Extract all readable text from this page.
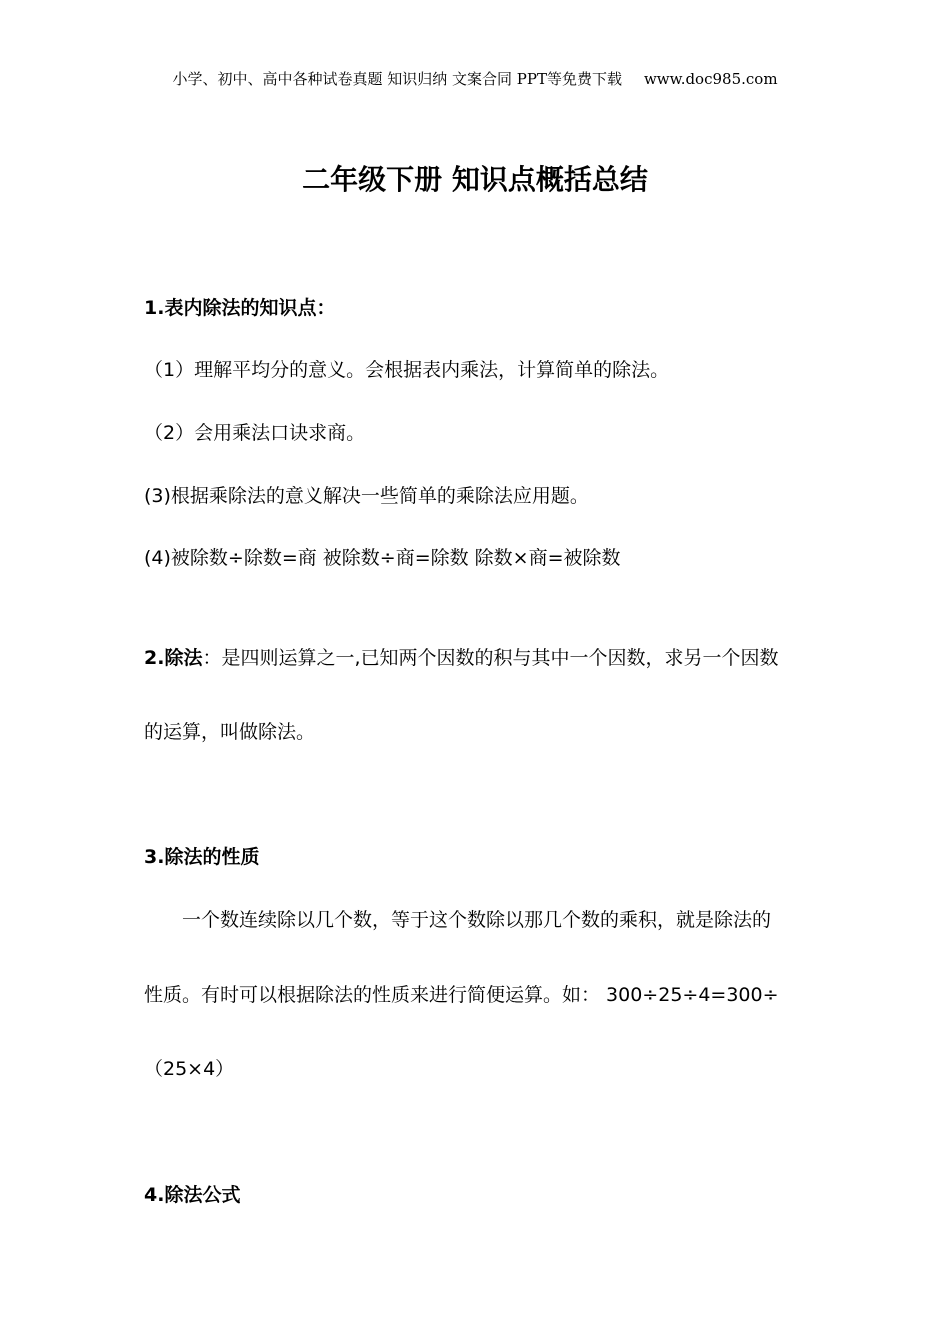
小学、初中、高中各种试卷真题 知识归纳 文案合同 PPT等免费下载 www.doc985.com
二年级下册 知识点概括总结
1.表内除法的知识点：
（1）理解平均分的意义。会根据表内乘法，计算简单的除法。
（2）会用乘法口诀求商。
(3)根据乘除法的意义解决一些简单的乘除法应用题。
(4)被除数÷除数=商 被除数÷商=除数 除数×商=被除数
2.除法：是四则运算之一,已知两个因数的积与其中一个因数，求另一个因数
的运算，叫做除法。
3.除法的性质
一个数连续除以几个数，等于这个数除以那几个数的乘积，就是除法的
性质。有时可以根据除法的性质来进行简便运算。如： 300÷25÷4=300÷
（25×4）
4.除法公式
